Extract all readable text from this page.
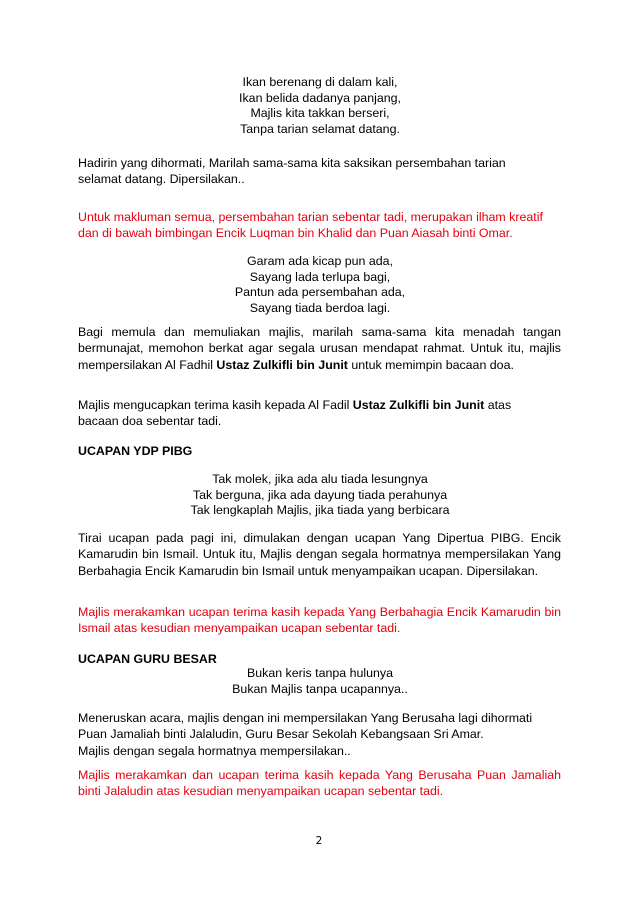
Ikan berenang di dalam kali,
Ikan belida dadanya panjang,
Majlis kita takkan berseri,
Tanpa tarian selamat datang.
Hadirin yang dihormati, Marilah sama-sama kita saksikan persembahan tarian selamat datang. Dipersilakan..
Untuk makluman semua, persembahan tarian sebentar tadi, merupakan ilham kreatif dan di bawah bimbingan Encik Luqman bin Khalid dan Puan Aiasah binti Omar.
Garam ada kicap pun ada,
Sayang lada terlupa bagi,
Pantun ada persembahan ada,
Sayang tiada berdoa lagi.
Bagi memula dan memuliakan majlis, marilah sama-sama kita menadah tangan bermunajat, memohon berkat agar segala urusan mendapat rahmat. Untuk itu, majlis mempersilakan Al Fadhil Ustaz Zulkifli bin Junit untuk memimpin bacaan doa.
Majlis mengucapkan terima kasih kepada Al Fadil Ustaz Zulkifli bin Junit atas bacaan doa sebentar tadi.
UCAPAN YDP PIBG
Tak molek, jika ada alu tiada lesungnya
Tak berguna, jika ada dayung tiada perahunya
Tak lengkaplah Majlis, jika tiada yang berbicara
Tirai ucapan pada pagi ini, dimulakan dengan ucapan Yang Dipertua PIBG. Encik Kamarudin bin Ismail. Untuk itu, Majlis dengan segala hormatnya mempersilakan Yang Berbahagia Encik Kamarudin bin Ismail untuk menyampaikan ucapan. Dipersilakan.
Majlis merakamkan ucapan terima kasih kepada Yang Berbahagia Encik Kamarudin bin Ismail atas kesudian menyampaikan ucapan sebentar tadi.
UCAPAN GURU BESAR
Bukan keris tanpa hulunya
Bukan Majlis tanpa ucapannya..
Meneruskan acara, majlis dengan ini mempersilakan Yang Berusaha lagi dihormati
Puan Jamaliah binti Jalaludin, Guru Besar Sekolah Kebangsaan Sri Amar.
Majlis dengan segala hormatnya mempersilakan..
Majlis merakamkan dan ucapan terima kasih kepada Yang Berusaha Puan Jamaliah binti Jalaludin atas kesudian menyampaikan ucapan sebentar tadi.
2
